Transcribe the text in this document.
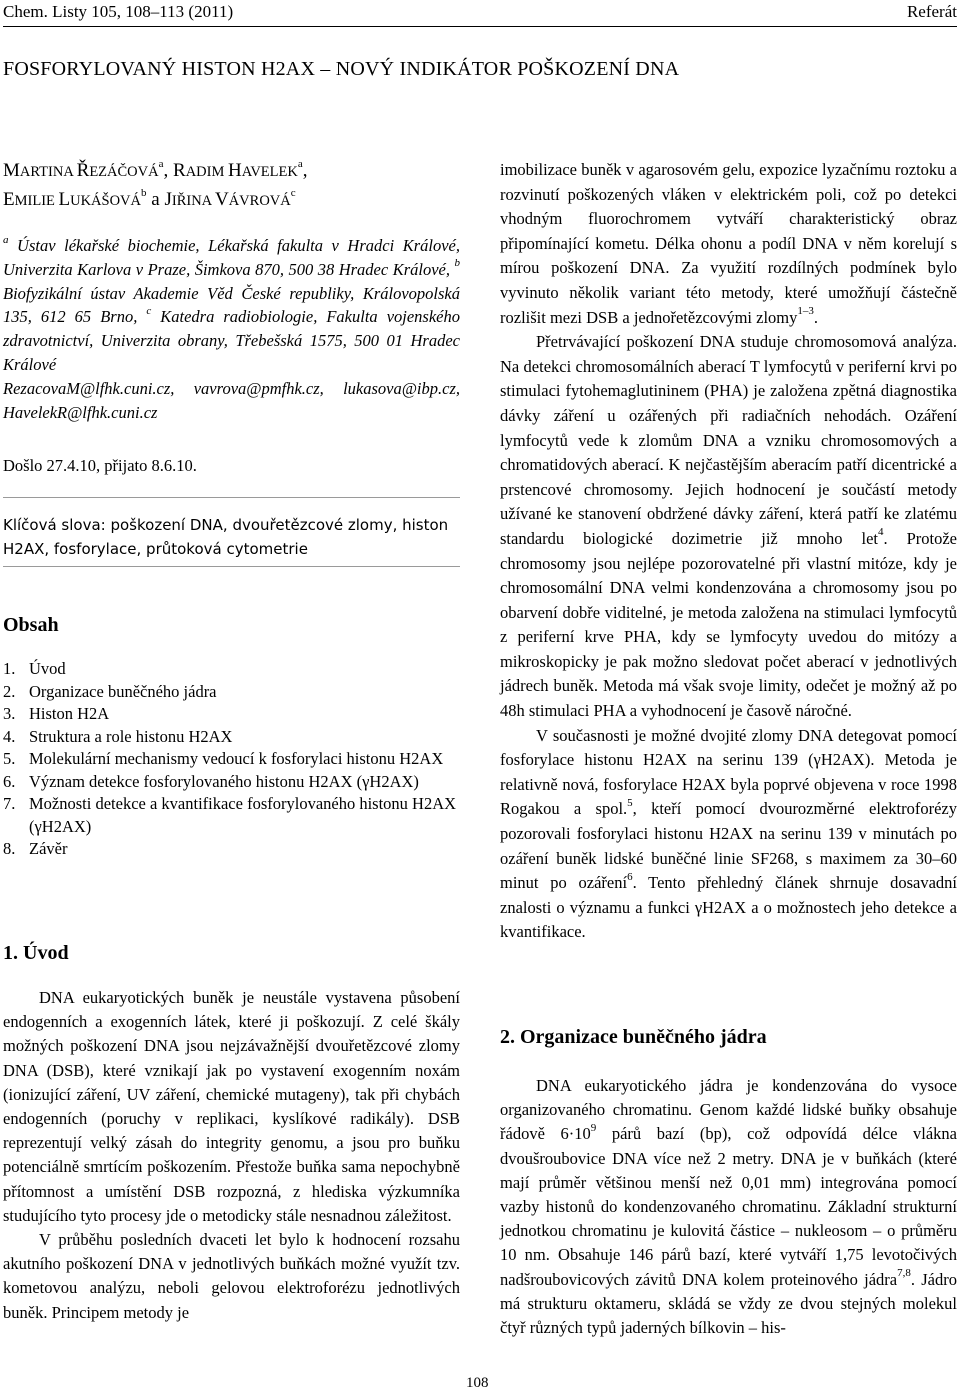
Chem. Listy 105, 108–113 (2011)	Referát
FOSFORYLOVANÝ HISTON H2AX – NOVÝ INDIKÁTOR POŠKOZENÍ DNA
MARTINA ŘEZÁČOVÁ$^a$, RADIM HAVELEK$^a$,
EMILIE LUKÁŠOVÁ$^b$ a JIŘINA VÁVROVÁ$^c$
$^a$ Ústav lékařské biochemie, Lékařská fakulta v Hradci Králové, Univerzita Karlova v Praze, Šimkova 870, 500 38 Hradec Králové, $^b$ Biofyzikální ústav Akademie Věd České republiky, Královopolská 135, 612 65 Brno, $^c$ Katedra radiobiologie, Fakulta vojenského zdravotnictví, Univerzita obrany, Třebešská 1575, 500 01 Hradec Králové
RezacovaM@lfhk.cuni.cz, vavrova@pmfhk.cz, lukasova@ibp.cz, HavelekR@lfhk.cuni.cz
Došlo 27.4.10, přijato 8.6.10.
Klíčová slova: poškození DNA, dvouřetězcové zlomy, histon H2AX, fosforylace, průtoková cytometrie
Obsah
1. Úvod
2. Organizace buněčného jádra
3. Histon H2A
4. Struktura a role histonu H2AX
5. Molekulární mechanismy vedoucí k fosforylaci histonu H2AX
6. Význam detekce fosforylovaného histonu H2AX (γH2AX)
7. Možnosti detekce a kvantifikace fosforylovaného histonu H2AX (γH2AX)
8. Závěr
1. Úvod

DNA eukaryotických buněk je neustále vystavena působení endogenních a exogenních látek, které ji poškozují. Z celé škály možných poškození DNA jsou nejzávažnější dvouřetězcové zlomy DNA (DSB), které vznikají jak po vystavení exogenním noxám (ionizující záření, UV záření, chemické mutageny), tak při chybách endogenních (poruchy v replikaci, kyslíkové radikály). DSB reprezentují velký zásah do integrity genomu, a jsou pro buňku potenciálně smrtícím poškozením. Přestože buňka sama nepochybně přítomnost a umístění DSB rozpozná, z hlediska výzkumníka studujícího tyto procesy jde o metodicky stále nesnadnou záležitost.

V průběhu posledních dvaceti let bylo k hodnocení rozsahu akutního poškození DNA v jednotlivých buňkách možné využít tzv. kometovou analýzu, neboli gelovou elektroforézu jednotlivých buněk. Principem metody je

imobilizace buněk v agarosovém gelu, expozice lyzačnímu roztoku a rozvinutí poškozených vláken v elektrickém poli, což po detekci vhodným fluorochromem vytváří charakteristický obraz připomínající kometu. Délka ohonu a podíl DNA v něm korelují s mírou poškození DNA. Za využití rozdílných podmínek bylo vyvinuto několik variant této metody, které umožňují částečně rozlišit mezi DSB a jednořetězcovými zlomy$^{1-3}$.

Přetrvávající poškození DNA studuje chromosomová analýza. Na detekci chromosomálních aberací T lymfocytů v periferní krvi po stimulaci fytohemaglutininem (PHA) je založena zpětná diagnostika dávky záření u ozářených při radiačních nehodách. Ozáření lymfocytů vede k zlomům DNA a vzniku chromosomových a chromatidových aberací. K nejčastějším aberacím patří dicentrické a prstencové chromosomy. Jejich hodnocení je součástí metody užívané ke stanovení obdržené dávky záření, která patří ke zlatému standardu biologické dozimetrie již mnoho let$^4$. Protože chromosomy jsou nejlépe pozorovatelné při vlastní mitóze, kdy je chromosomální DNA velmi kondenzována a chromosomy jsou po obarvení dobře viditelné, je metoda založena na stimulaci lymfocytů z periferní krve PHA, kdy se lymfocyty uvedou do mitózy a mikroskopicky je pak možno sledovat počet aberací v jednotlivých jádrech buněk. Metoda má však svoje limity, odečet je možný až po 48h stimulaci PHA a vyhodnocení je časově náročné.

V současnosti je možné dvojité zlomy DNA detegovat pomocí fosforylace histonu H2AX na serinu 139 (γH2AX). Metoda je relativně nová, fosforylace H2AX byla poprvé objevena v roce 1998 Rogakou a spol.$^5$, kteří pomocí dvourozměrné elektroforézy pozorovali fosforylaci histonu H2AX na serinu 139 v minutách po ozáření buněk lidské buněčné linie SF268, s maximem za 30–60 minut po ozáření$^6$. Tento přehledný článek shrnuje dosavadní znalosti o významu a funkci γH2AX a o možnostech jeho detekce a kvantifikace.

2. Organizace buněčného jádra

DNA eukaryotického jádra je kondenzována do vysoce organizovaného chromatinu. Genom každé lidské buňky obsahuje řádově $6\cdot 10^9$ párů bazí (bp), což odpovídá délce vlákna dvoušroubovice DNA více než 2 metry. DNA je v buňkách (které mají průměr většinou menší než 0,01 mm) integrována pomocí vazby histonů do kondenzovaného chromatinu. Základní strukturní jednotkou chromatinu je kulovitá částice – nukleosom – o průměru 10 nm. Obsahuje 146 párů bazí, které vytváří 1,75 levotočivých nadšroubovicových závitů DNA kolem proteinového jádra$^{7,8}$. Jádro má strukturu oktameru, skládá se vždy ze dvou stejných molekul čtyř různých typů jaderných bílkovin – his-

108
